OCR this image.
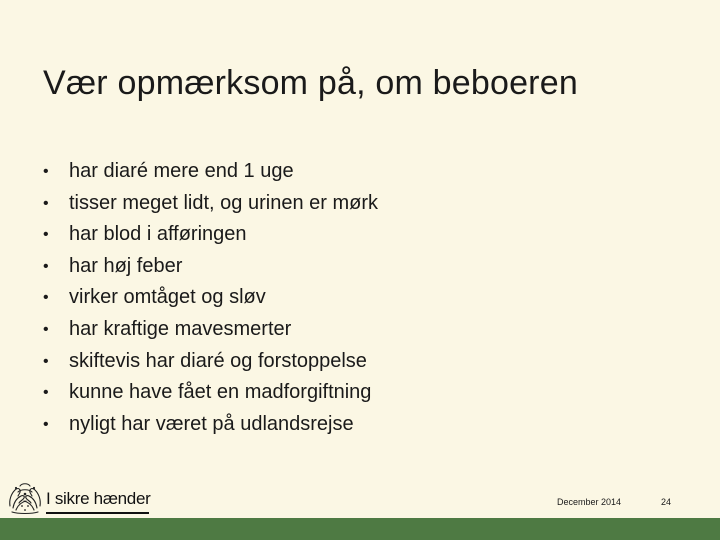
Vær opmærksom på, om beboeren
• har diaré mere end 1 uge
• tisser meget lidt, og urinen er mørk
• har blod i afføringen
• har høj feber
• virker omtåget og sløv
• har kraftige mavesmerter
• skiftevis har diaré og forstoppelse
• kunne have fået en madforgiftning
• nyligt har været på udlandsrejse
I sikre hænder	December 2014	24
